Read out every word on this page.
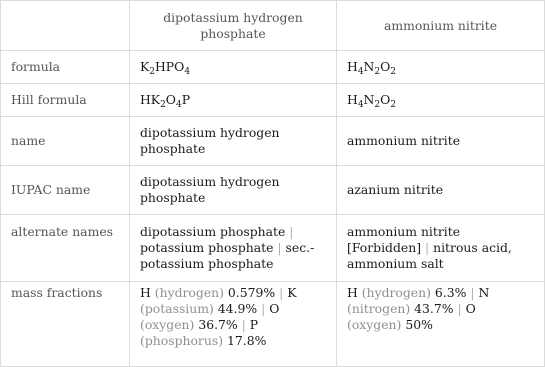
	dipotassium hydrogen phosphate	ammonium nitrite
formula	$K_2HPO_4$	$H_4N_2O_2$
Hill formula	$HK_2O_4P$	$H_4N_2O_2$
name	dipotassium hydrogen phosphate	ammonium nitrite
IUPAC name	dipotassium hydrogen phosphate	azanium nitrite
alternate names	dipotassium phosphate | potassium phosphate | sec.-potassium phosphate	ammonium nitrite [Forbidden] | nitrous acid, ammonium salt
mass fractions	H (hydrogen) 0.579% | K (potassium) 44.9% | O (oxygen) 36.7% | P (phosphorus) 17.8%	H (hydrogen) 6.3% | N (nitrogen) 43.7% | O (oxygen) 50%
